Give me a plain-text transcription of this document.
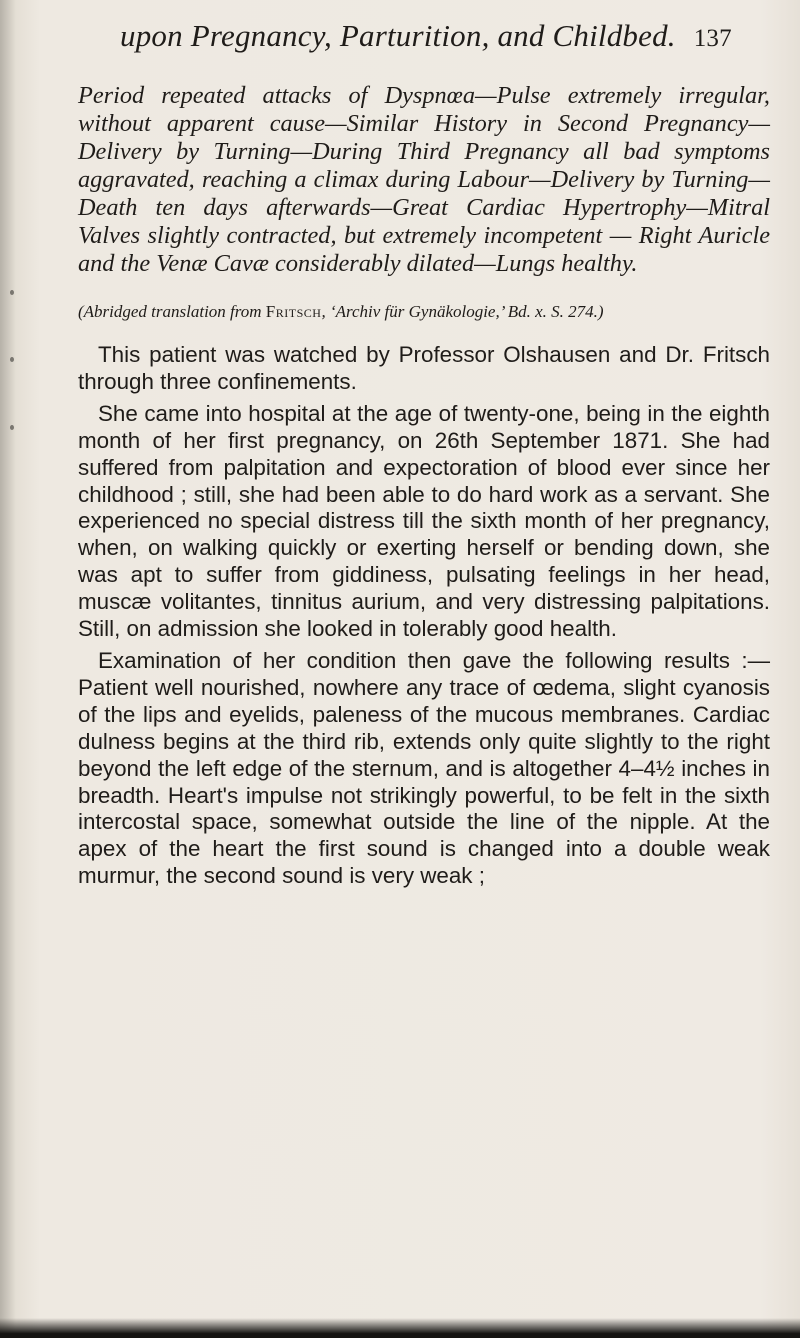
upon Pregnancy, Parturition, and Childbed. 137

Period repeated attacks of Dyspnœa—Pulse extremely irregular, without apparent cause—Similar History in Second Pregnancy—Delivery by Turning—During Third Pregnancy all bad symptoms aggravated, reaching a climax during Labour—Delivery by Turning—Death ten days afterwards—Great Cardiac Hypertrophy—Mitral Valves slightly contracted, but extremely incompetent — Right Auricle and the Venæ Cavæ considerably dilated—Lungs healthy.

(Abridged translation from Fritsch, ‘Archiv für Gynäkologie,’ Bd. x. S. 274.)

This patient was watched by Professor Olshausen and Dr. Fritsch through three confinements.

She came into hospital at the age of twenty-one, being in the eighth month of her first pregnancy, on 26th September 1871. She had suffered from palpitation and expectoration of blood ever since her childhood ; still, she had been able to do hard work as a servant. She experienced no special distress till the sixth month of her pregnancy, when, on walking quickly or exerting herself or bending down, she was apt to suffer from giddiness, pulsating feelings in her head, muscæ volitantes, tinnitus aurium, and very distressing palpitations. Still, on admission she looked in tolerably good health.

Examination of her condition then gave the following results :—Patient well nourished, nowhere any trace of œdema, slight cyanosis of the lips and eyelids, paleness of the mucous membranes. Cardiac dulness begins at the third rib, extends only quite slightly to the right beyond the left edge of the sternum, and is altogether 4–4½ inches in breadth. Heart's impulse not strikingly powerful, to be felt in the sixth intercostal space, somewhat outside the line of the nipple. At the apex of the heart the first sound is changed into a double weak murmur, the second sound is very weak ;
